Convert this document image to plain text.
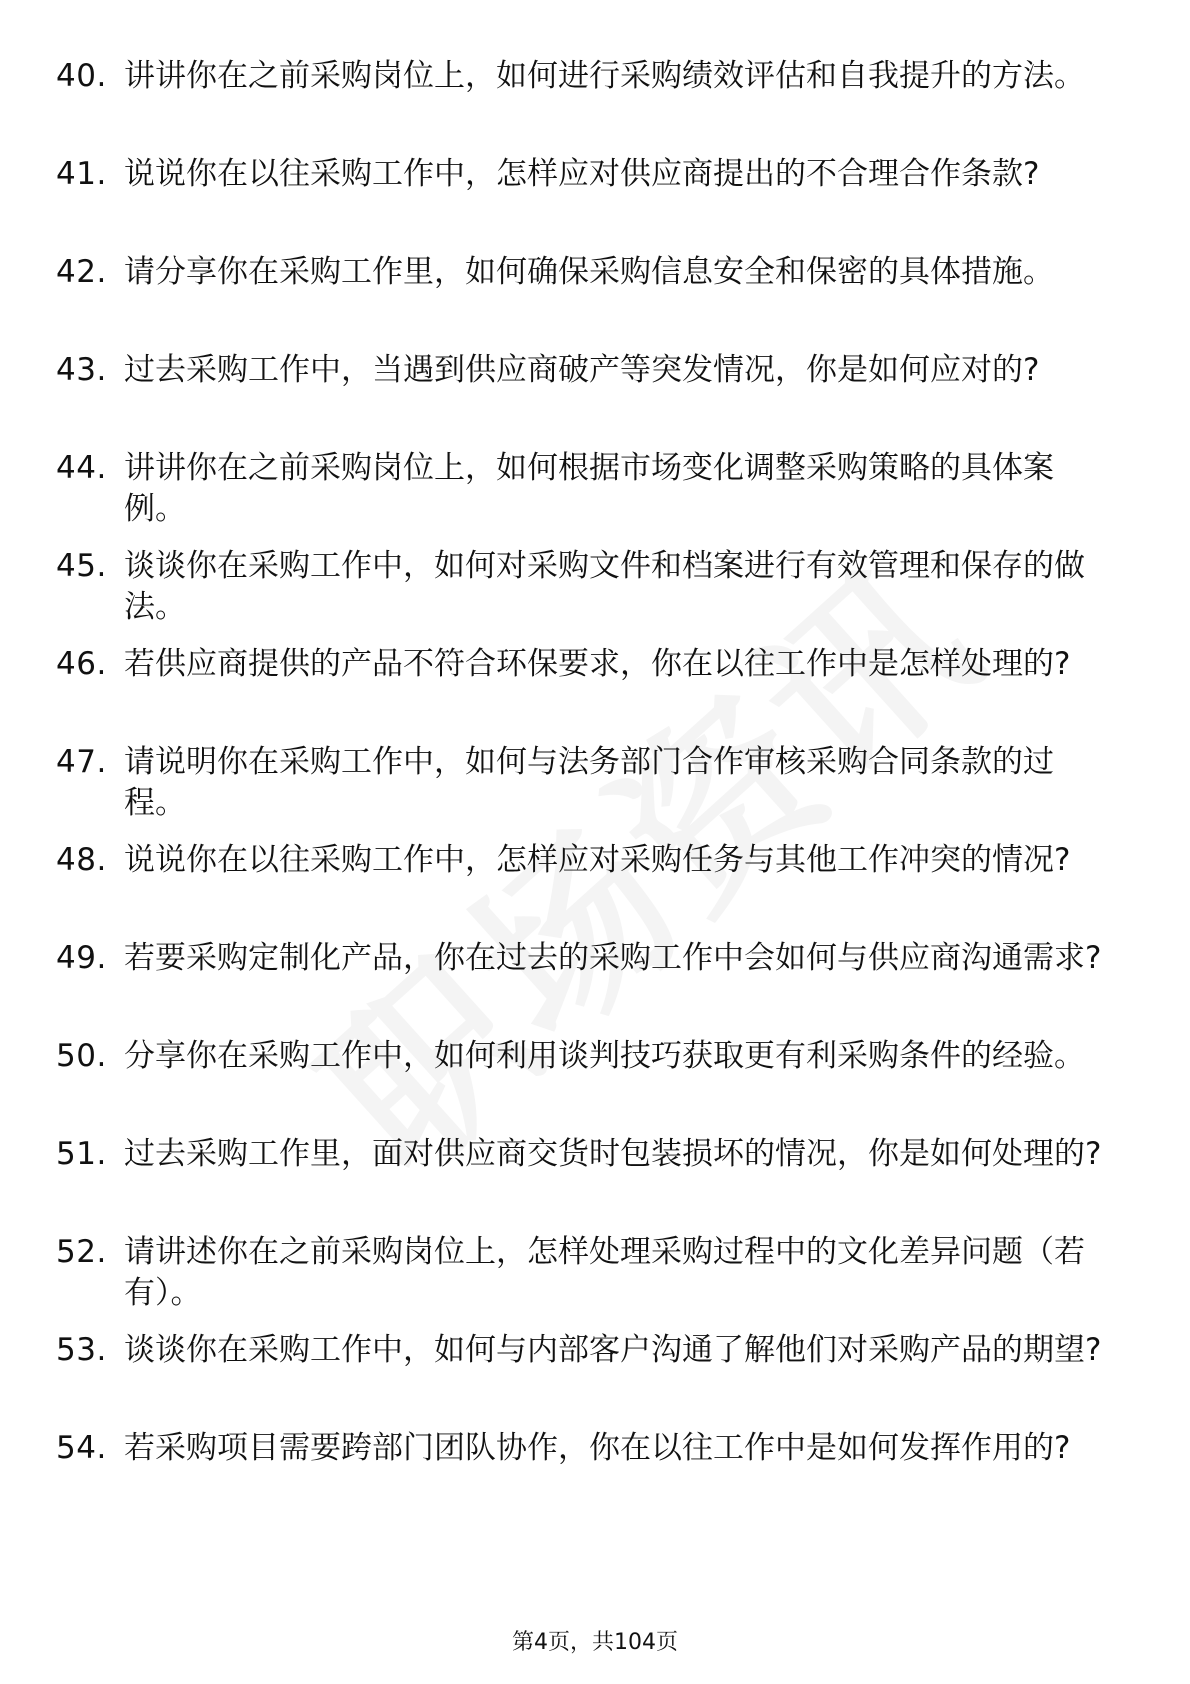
40. 讲讲你在之前采购岗位上，如何进行采购绩效评估和自我提升的方法。
41. 说说你在以往采购工作中，怎样应对供应商提出的不合理合作条款?
42. 请分享你在采购工作里，如何确保采购信息安全和保密的具体措施。
43. 过去采购工作中，当遇到供应商破产等突发情况，你是如何应对的?
44. 讲讲你在之前采购岗位上，如何根据市场变化调整采购策略的具体案例。
45. 谈谈你在采购工作中，如何对采购文件和档案进行有效管理和保存的做法。
46. 若供应商提供的产品不符合环保要求，你在以往工作中是怎样处理的?
47. 请说明你在采购工作中，如何与法务部门合作审核采购合同条款的过程。
48. 说说你在以往采购工作中，怎样应对采购任务与其他工作冲突的情况?
49. 若要采购定制化产品，你在过去的采购工作中会如何与供应商沟通需求?
50. 分享你在采购工作中，如何利用谈判技巧获取更有利采购条件的经验。
51. 过去采购工作里，面对供应商交货时包装损坏的情况，你是如何处理的?
52. 请讲述你在之前采购岗位上，怎样处理采购过程中的文化差异问题（若有）。
53. 谈谈你在采购工作中，如何与内部客户沟通了解他们对采购产品的期望?
54. 若采购项目需要跨部门团队协作，你在以往工作中是如何发挥作用的?
第4页，共104页
